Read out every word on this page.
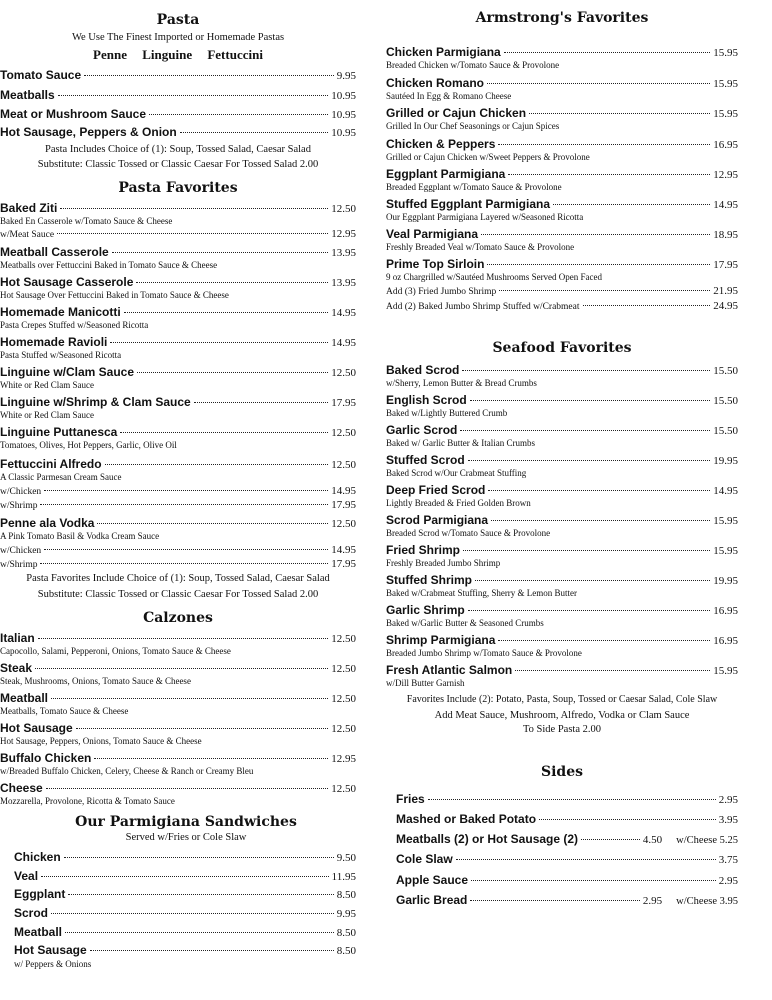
Pasta
We Use The Finest Imported or Homemade Pastas
Penne Linguine Fettuccini
Tomato Sauce	9.95
Meatballs	10.95
Meat or Mushroom Sauce	10.95
Hot Sausage, Peppers & Onion	10.95
Pasta Includes Choice of (1): Soup, Tossed Salad, Caesar Salad
Substitute: Classic Tossed or Classic Caesar For Tossed Salad 2.00
Pasta Favorites
Baked Ziti	12.50
Baked En Casserole w/Tomato Sauce & Cheese
w/Meat Sauce	12.95
Meatball Casserole	13.95
Meatballs over Fettuccini Baked in Tomato Sauce & Cheese
Hot Sausage Casserole	13.95
Hot Sausage Over Fettuccini Baked in Tomato Sauce & Cheese
Homemade Manicotti	14.95
Pasta Crepes Stuffed w/Seasoned Ricotta
Homemade Ravioli	14.95
Pasta Stuffed w/Seasoned Ricotta
Linguine w/Clam Sauce	12.50
White or Red Clam Sauce
Linguine w/Shrimp & Clam Sauce	17.95
White or Red Clam Sauce
Linguine Puttanesca	12.50
Tomatoes, Olives, Hot Peppers, Garlic, Olive Oil
Fettuccini Alfredo	12.50
A Classic Parmesan Cream Sauce
w/Chicken	14.95
w/Shrimp	17.95
Penne ala Vodka	12.50
A Pink Tomato Basil & Vodka Cream Sauce
w/Chicken	14.95
w/Shrimp	17.95
Pasta Favorites Include Choice of (1): Soup, Tossed Salad, Caesar Salad
Substitute: Classic Tossed or Classic Caesar For Tossed Salad 2.00
Calzones
Italian	12.50
Capocollo, Salami, Pepperoni, Onions, Tomato Sauce & Cheese
Steak	12.50
Steak, Mushrooms, Onions, Tomato Sauce & Cheese
Meatball	12.50
Meatballs, Tomato Sauce & Cheese
Hot Sausage	12.50
Hot Sausage, Peppers, Onions, Tomato Sauce & Cheese
Buffalo Chicken	12.95
w/Breaded Buffalo Chicken, Celery, Cheese & Ranch or Creamy Bleu
Cheese	12.50
Mozzarella, Provolone, Ricotta & Tomato Sauce
Our Parmigiana Sandwiches
Served w/Fries or Cole Slaw
Chicken	9.50
Veal	11.95
Eggplant	8.50
Scrod	9.95
Meatball	8.50
Hot Sausage	8.50
w/ Peppers & Onions
Armstrong's Favorites
Chicken Parmigiana	15.95
Breaded Chicken w/Tomato Sauce & Provolone
Chicken Romano	15.95
Sautéed In Egg & Romano Cheese
Grilled or Cajun Chicken	15.95
Grilled In Our Chef Seasonings or Cajun Spices
Chicken & Peppers	16.95
Grilled or Cajun Chicken w/Sweet Peppers & Provolone
Eggplant Parmigiana	12.95
Breaded Eggplant w/Tomato Sauce & Provolone
Stuffed Eggplant Parmigiana	14.95
Our Eggplant Parmigiana Layered w/Seasoned Ricotta
Veal Parmigiana	18.95
Freshly Breaded Veal w/Tomato Sauce & Provolone
Prime Top Sirloin	17.95
9 oz Chargrilled w/Sautéed Mushrooms Served Open Faced
Add (3) Fried Jumbo Shrimp	21.95
Add (2) Baked Jumbo Shrimp Stuffed w/Crabmeat	24.95
Seafood Favorites
Baked Scrod	15.50
w/Sherry, Lemon Butter & Bread Crumbs
English Scrod	15.50
Baked w/Lightly Buttered Crumb
Garlic Scrod	15.50
Baked w/ Garlic Butter & Italian Crumbs
Stuffed Scrod	19.95
Baked Scrod w/Our Crabmeat Stuffing
Deep Fried Scrod	14.95
Lightly Breaded & Fried Golden Brown
Scrod Parmigiana	15.95
Breaded Scrod w/Tomato Sauce & Provolone
Fried Shrimp	15.95
Freshly Breaded Jumbo Shrimp
Stuffed Shrimp	19.95
Baked w/Crabmeat Stuffing, Sherry & Lemon Butter
Garlic Shrimp	16.95
Baked w/Garlic Butter & Seasoned Crumbs
Shrimp Parmigiana	16.95
Breaded Jumbo Shrimp w/Tomato Sauce & Provolone
Fresh Atlantic Salmon	15.95
w/Dill Butter Garnish
Favorites Include (2): Potato, Pasta, Soup, Tossed or Caesar Salad, Cole Slaw
Add Meat Sauce, Mushroom, Alfredo, Vodka or Clam Sauce
To Side Pasta 2.00
Sides
Fries	2.95
Mashed or Baked Potato	3.95
Meatballs (2) or Hot Sausage (2)	4.50 w/Cheese 5.25
Cole Slaw	3.75
Apple Sauce	2.95
Garlic Bread	2.95 w/Cheese 3.95
